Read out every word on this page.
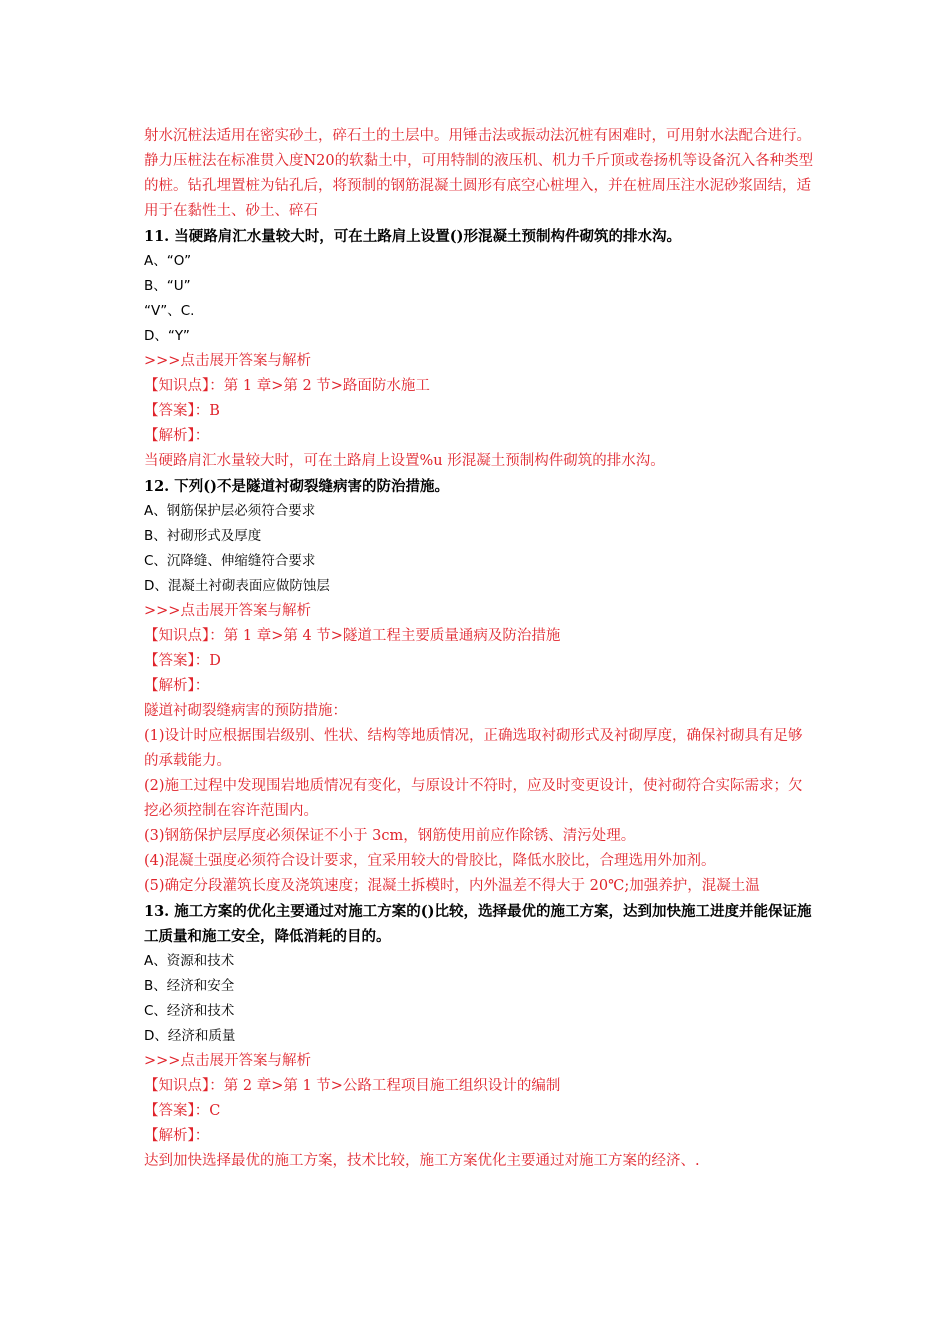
射水沉桩法适用在密实砂土，碎石土的土层中。用锤击法或振动法沉桩有困难时，可用射水法配合进行。
静力压桩法在标准贯入度N20的软黏土中，可用特制的液压机、机力千斤顶或卷扬机等设备沉入各种类型的桩。钻孔埋置桩为钻孔后，将预制的钢筋混凝土圆形有底空心桩埋入，并在桩周压注水泥砂浆固结，适用于在黏性土、砂土、碎石
11. 当硬路肩汇水量较大时，可在土路肩上设置()形混凝土预制构件砌筑的排水沟。
A、“O”
B、“U”
“V”、C.
D、“Y”
>>>点击展开答案与解析
【知识点】：第 1 章>第 2 节>路面防水施工
【答案】：B
【解析】：
当硬路肩汇水量较大时，可在土路肩上设置%u 形混凝土预制构件砌筑的排水沟。
12. 下列()不是隧道衬砌裂缝病害的防治措施。
A、钢筋保护层必须符合要求
B、衬砌形式及厚度
C、沉降缝、伸缩缝符合要求
D、混凝土衬砌表面应做防蚀层
>>>点击展开答案与解析
【知识点】：第 1 章>第 4 节>隧道工程主要质量通病及防治措施
【答案】：D
【解析】：
隧道衬砌裂缝病害的预防措施：
(1)设计时应根据围岩级别、性状、结构等地质情况，正确选取衬砌形式及衬砌厚度，确保衬砌具有足够的承载能力。
(2)施工过程中发现围岩地质情况有变化，与原设计不符时，应及时变更设计，使衬砌符合实际需求；欠挖必须控制在容许范围内。
(3)钢筋保护层厚度必须保证不小于 3cm，钢筋使用前应作除锈、清污处理。
(4)混凝土强度必须符合设计要求，宜采用较大的骨胶比，降低水胶比，合理选用外加剂。
(5)确定分段灌筑长度及浇筑速度；混凝土拆模时，内外温差不得大于 20℃;加强养护，混凝土温
13. 施工方案的优化主要通过对施工方案的()比较，选择最优的施工方案，达到加快施工进度并能保证施工质量和施工安全，降低消耗的目的。
A、资源和技术
B、经济和安全
C、经济和技术
D、经济和质量
>>>点击展开答案与解析
【知识点】：第 2 章>第 1 节>公路工程项目施工组织设计的编制
【答案】：C
【解析】：
达到加快选择最优的施工方案，技术比较，施工方案优化主要通过对施工方案的经济、.
